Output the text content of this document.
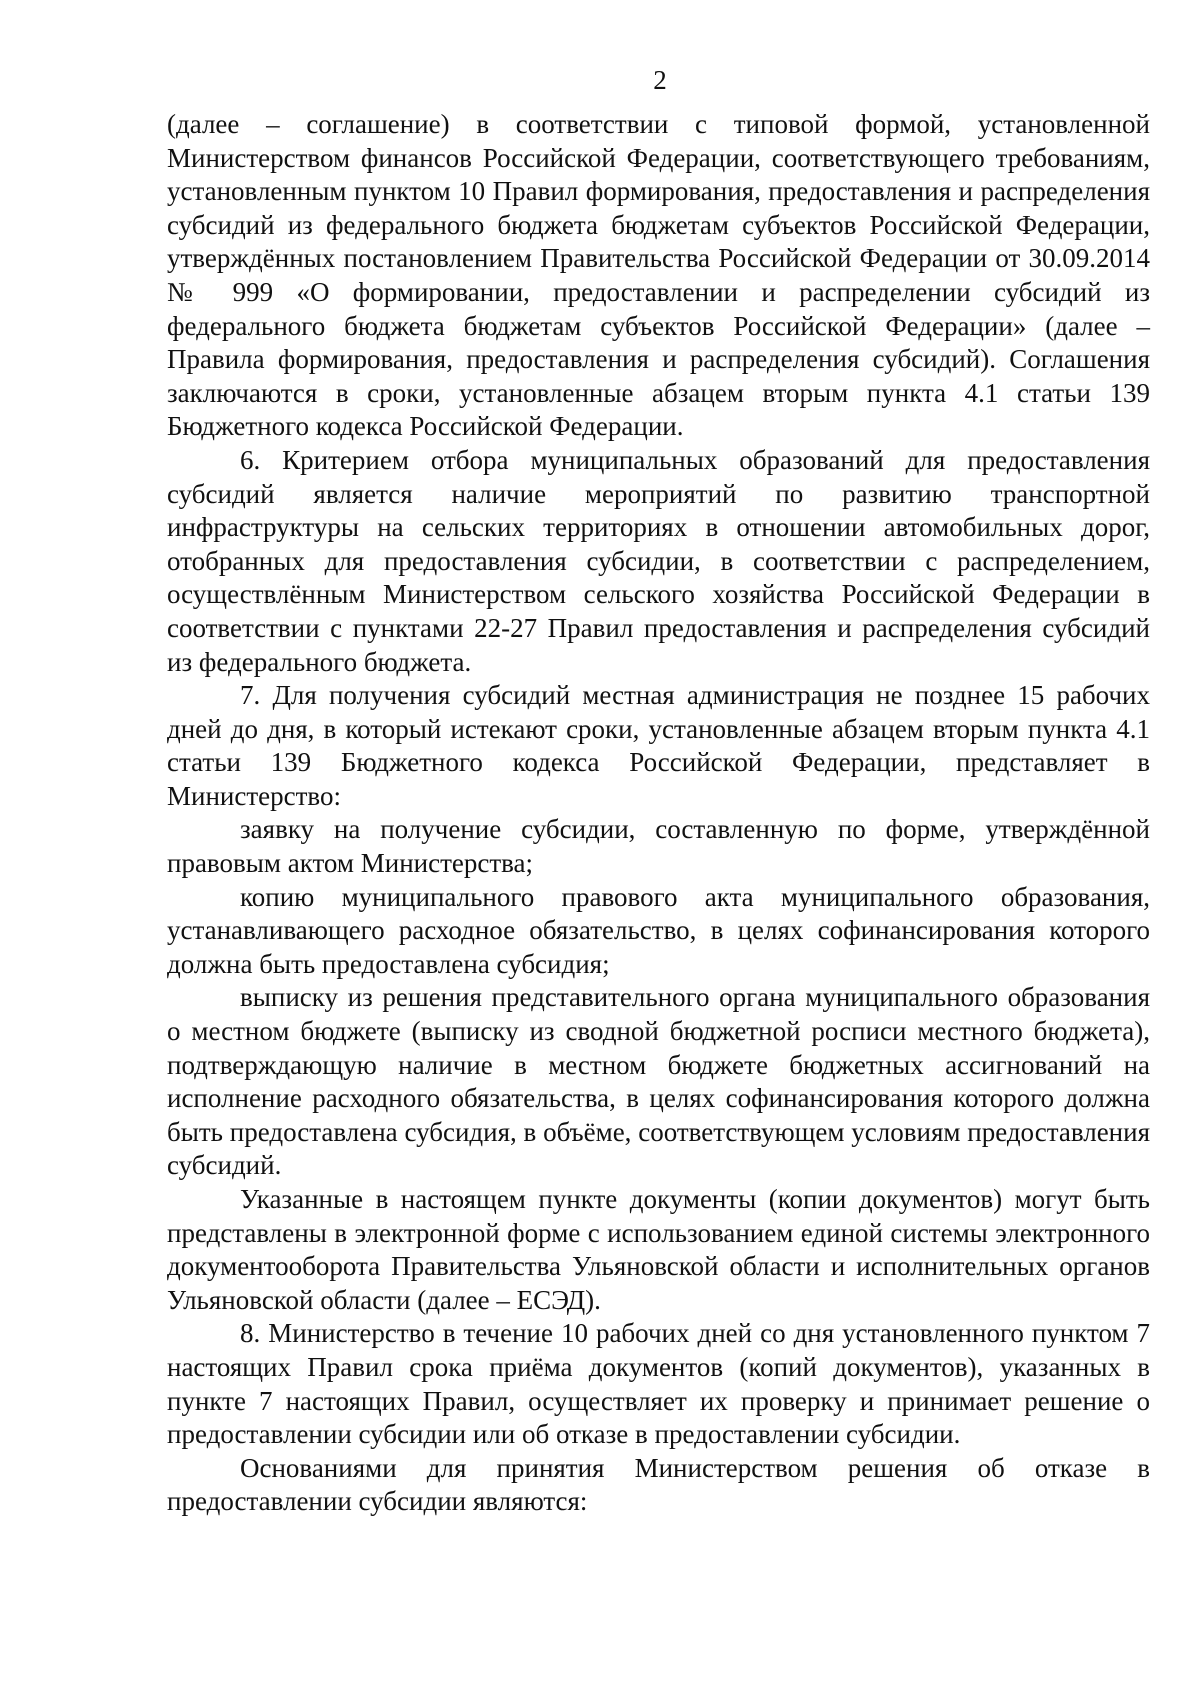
2

(далее – соглашение) в соответствии с типовой формой, установленной Министерством финансов Российской Федерации, соответствующего требованиям, установленным пунктом 10 Правил формирования, предоставления и распределения субсидий из федерального бюджета бюджетам субъектов Российской Федерации, утверждённых постановлением Правительства Российской Федерации от 30.09.2014 № 999 «О формировании, предоставлении и распределении субсидий из федерального бюджета бюджетам субъектов Российской Федерации» (далее – Правила формирования, предоставления и распределения субсидий). Соглашения заключаются в сроки, установленные абзацем вторым пункта 4.1 статьи 139 Бюджетного кодекса Российской Федерации.

6. Критерием отбора муниципальных образований для предоставления субсидий является наличие мероприятий по развитию транспортной инфраструктуры на сельских территориях в отношении автомобильных дорог, отобранных для предоставления субсидии, в соответствии с распределением, осуществлённым Министерством сельского хозяйства Российской Федерации в соответствии с пунктами 22-27 Правил предоставления и распределения субсидий из федерального бюджета.

7. Для получения субсидий местная администрация не позднее 15 рабочих дней до дня, в который истекают сроки, установленные абзацем вторым пункта 4.1 статьи 139 Бюджетного кодекса Российской Федерации, представляет в Министерство:

заявку на получение субсидии, составленную по форме, утверждённой правовым актом Министерства;

копию муниципального правового акта муниципального образования, устанавливающего расходное обязательство, в целях софинансирования которого должна быть предоставлена субсидия;

выписку из решения представительного органа муниципального образования о местном бюджете (выписку из сводной бюджетной росписи местного бюджета), подтверждающую наличие в местном бюджете бюджетных ассигнований на исполнение расходного обязательства, в целях софинансирования которого должна быть предоставлена субсидия, в объёме, соответствующем условиям предоставления субсидий.

Указанные в настоящем пункте документы (копии документов) могут быть представлены в электронной форме с использованием единой системы электронного документооборота Правительства Ульяновской области и исполнительных органов Ульяновской области (далее – ЕСЭД).

8. Министерство в течение 10 рабочих дней со дня установленного пунктом 7 настоящих Правил срока приёма документов (копий документов), указанных в пункте 7 настоящих Правил, осуществляет их проверку и принимает решение о предоставлении субсидии или об отказе в предоставлении субсидии.

Основаниями для принятия Министерством решения об отказе в предоставлении субсидии являются:
